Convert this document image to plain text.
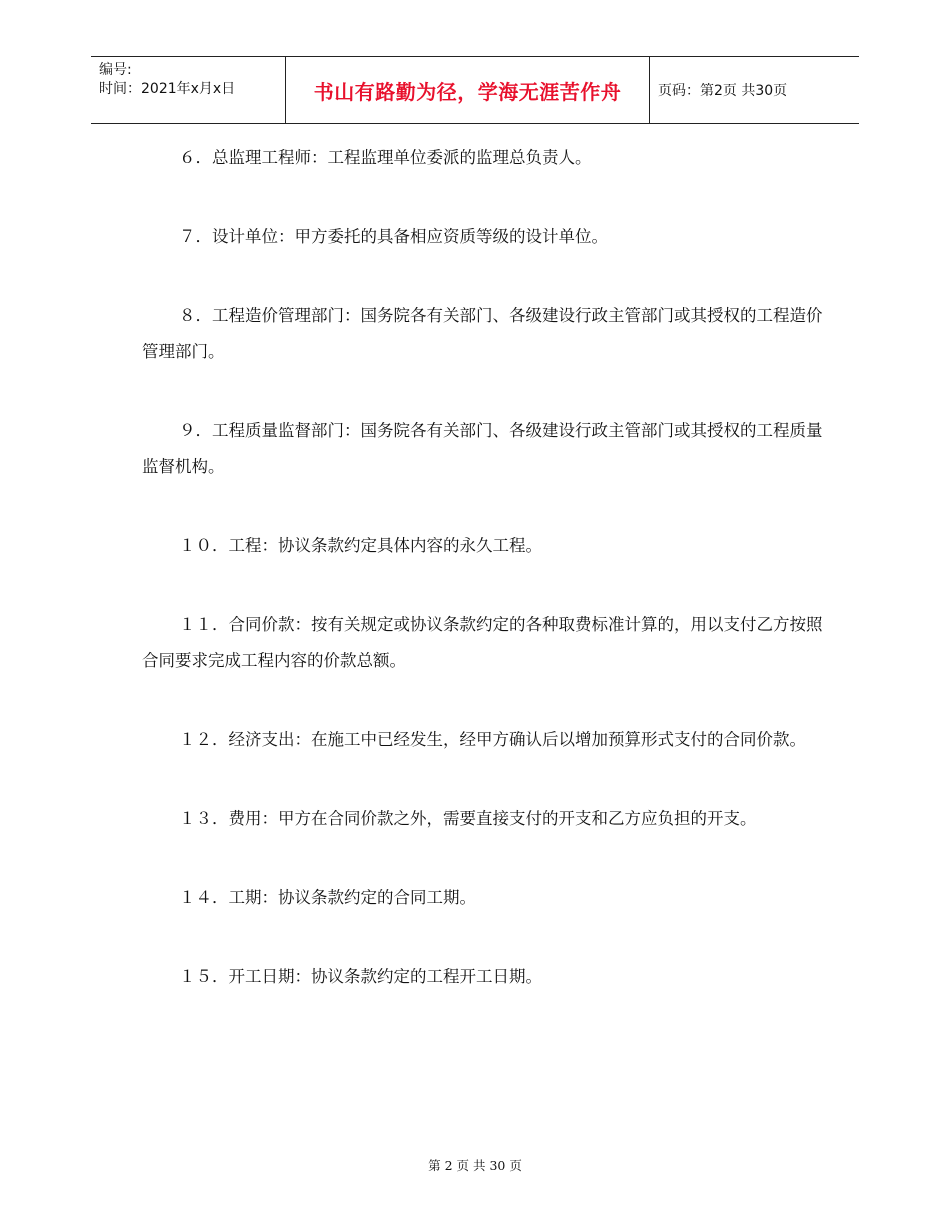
编号:
时间：2021年x月x日	书山有路勤为径，学海无涯苦作舟	页码：第2页 共30页

６．总监理工程师：工程监理单位委派的监理总负责人。

７．设计单位：甲方委托的具备相应资质等级的设计单位。

８．工程造价管理部门：国务院各有关部门、各级建设行政主管部门或其授权的工程造价管理部门。

９．工程质量监督部门：国务院各有关部门、各级建设行政主管部门或其授权的工程质量监督机构。

１０．工程：协议条款约定具体内容的永久工程。

１１．合同价款：按有关规定或协议条款约定的各种取费标准计算的，用以支付乙方按照合同要求完成工程内容的价款总额。

１２．经济支出：在施工中已经发生，经甲方确认后以增加预算形式支付的合同价款。

１３．费用：甲方在合同价款之外，需要直接支付的开支和乙方应负担的开支。

１４．工期：协议条款约定的合同工期。

１５．开工日期：协议条款约定的工程开工日期。

第 2 页 共 30 页
